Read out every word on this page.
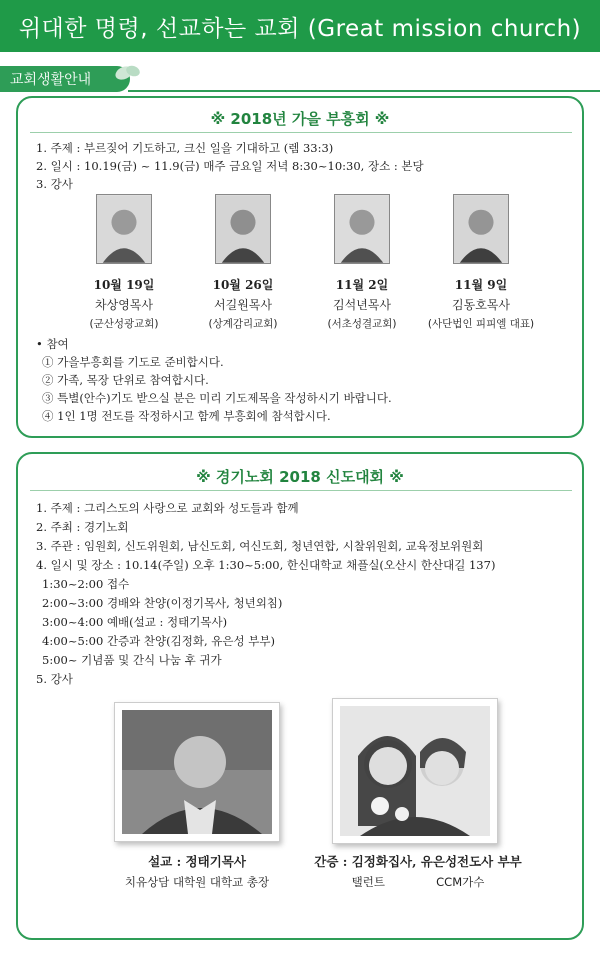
위대한 명령, 선교하는 교회 (Great mission church)
교회생활안내
※ 2018년 가을 부흥회 ※
1. 주제 : 부르짖어 기도하고, 크신 일을 기대하고 (렘 33:3)
2. 일시 : 10.19(금) ~ 11.9(금) 매주 금요일 저녁 8:30~10:30, 장소 : 본당
3. 강사
10월 19일
차상영목사
(군산성광교회)
10월 26일
서길원목사
(상계감리교회)
11월 2일
김석년목사
(서초성결교회)
11월 9일
김동호목사
(사단법인 피피엘 대표)
• 참여
① 가을부흥회를 기도로 준비합시다.
② 가족, 목장 단위로 참여합시다.
③ 특별(안수)기도 받으실 분은 미리 기도제목을 작성하시기 바랍니다.
④ 1인 1명 전도를 작정하시고 함께 부흥회에 참석합시다.
※ 경기노회 2018 신도대회 ※
1. 주제 : 그리스도의 사랑으로 교회와 성도들과 함께
2. 주최 : 경기노회
3. 주관 : 임원회, 신도위원회, 남신도회, 여신도회, 청년연합, 시찰위원회, 교육정보위원회
4. 일시 및 장소 : 10.14(주일) 오후 1:30~5:00, 한신대학교 채플실(오산시 한산대길 137)
1:30~2:00 접수
2:00~3:00 경배와 찬양(이정기목사, 청년외침)
3:00~4:00 예배(설교 : 정태기목사)
4:00~5:00 간증과 찬양(김정화, 유은성 부부)
5:00~ 기념품 및 간식 나눔 후 귀가
5. 강사
설교 : 정태기목사
치유상담 대학원 대학교 총장
간증 : 김정화집사, 유은성전도사 부부
탤런트              CCM가수
